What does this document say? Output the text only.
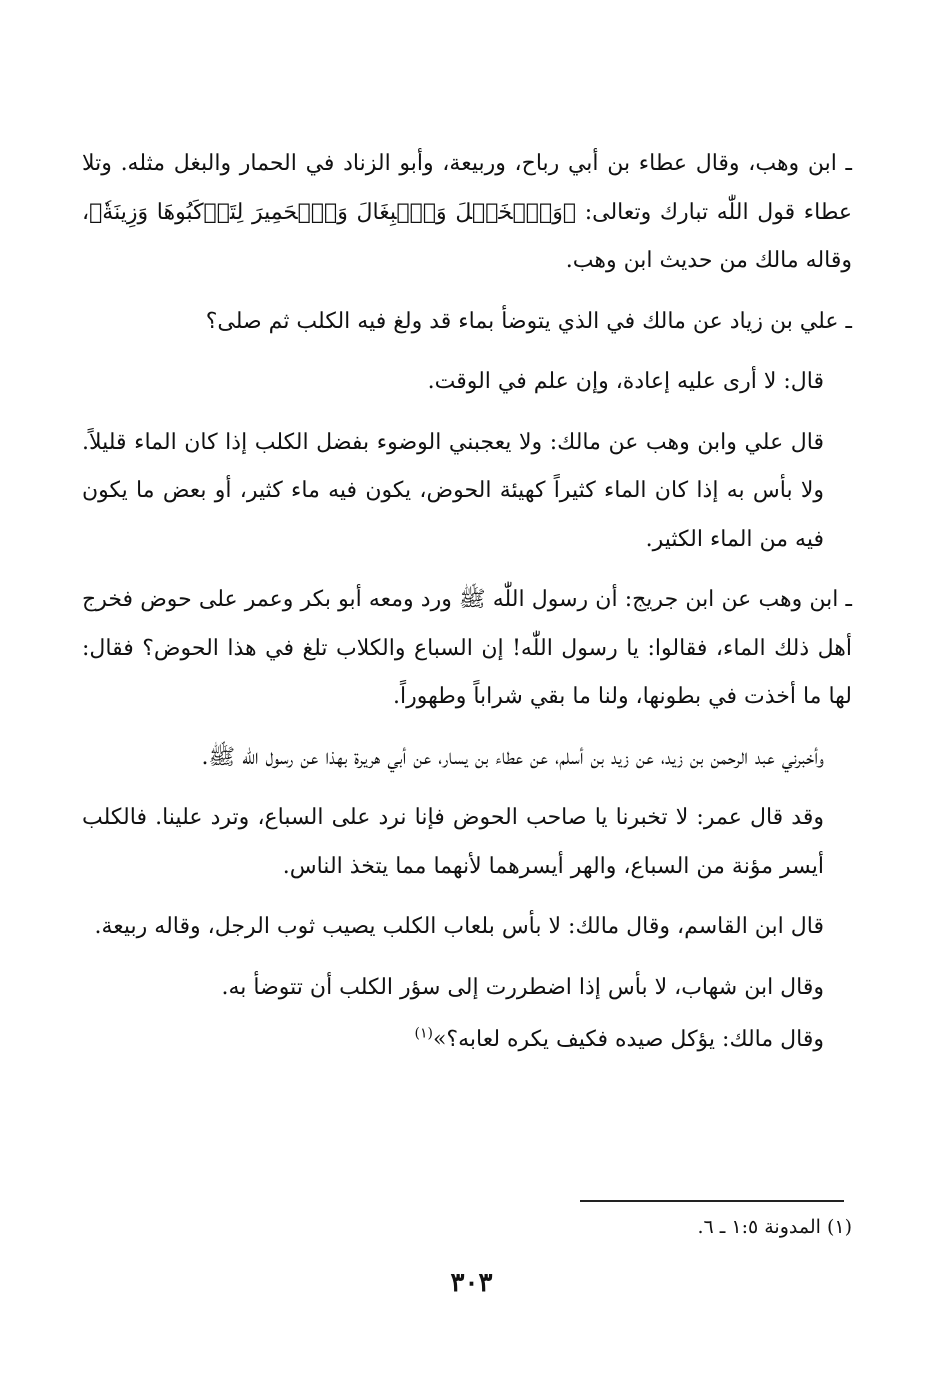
ـ ابن وهب، وقال عطاء بن أبي رباح، وربيعة، وأبو الزناد في الحمار والبغل مثله. وتلا عطاء قول اللّٰه تبارك وتعالى: ﴿وَٱلۡخَيۡلَ وَٱلۡبِغَالَ وَٱلۡحَمِيرَ لِتَرۡكَبُوهَا وَزِينَةٗ﴾، وقاله مالك من حديث ابن وهب.

ـ علي بن زياد عن مالك في الذي يتوضأ بماء قد ولغ فيه الكلب ثم صلى؟

قال: لا أرى عليه إعادة، وإن علم في الوقت.

قال علي وابن وهب عن مالك: ولا يعجبني الوضوء بفضل الكلب إذا كان الماء قليلاً. ولا بأس به إذا كان الماء كثيراً كهيئة الحوض، يكون فيه ماء كثير، أو بعض ما يكون فيه من الماء الكثير.

ـ ابن وهب عن ابن جريج: أن رسول اللّٰه ﷺ ورد ومعه أبو بكر وعمر على حوض فخرج أهل ذلك الماء، فقالوا: يا رسول اللّٰه! إن السباع والكلاب تلغ في هذا الحوض؟ فقال: لها ما أخذت في بطونها، ولنا ما بقي شراباً وطهوراً.

وأخبرني عبد الرحمن بن زيد، عن زيد بن أسلم، عن عطاء بن يسار، عن أبي هريرة بهذا عن رسول اللّٰه ﷺ.

وقد قال عمر: لا تخبرنا يا صاحب الحوض فإنا نرد على السباع، وترد علينا. فالكلب أيسر مؤنة من السباع، والهر أيسرهما لأنهما مما يتخذ الناس.

قال ابن القاسم، وقال مالك: لا بأس بلعاب الكلب يصيب ثوب الرجل، وقاله ربيعة.

وقال ابن شهاب، لا بأس إذا اضطررت إلى سؤر الكلب أن تتوضأ به.

وقال مالك: يؤكل صيده فكيف يكره لعابه؟»$^{(١)}$

(١) المدونة ١:٥ ـ ٦.
٣٠٣
